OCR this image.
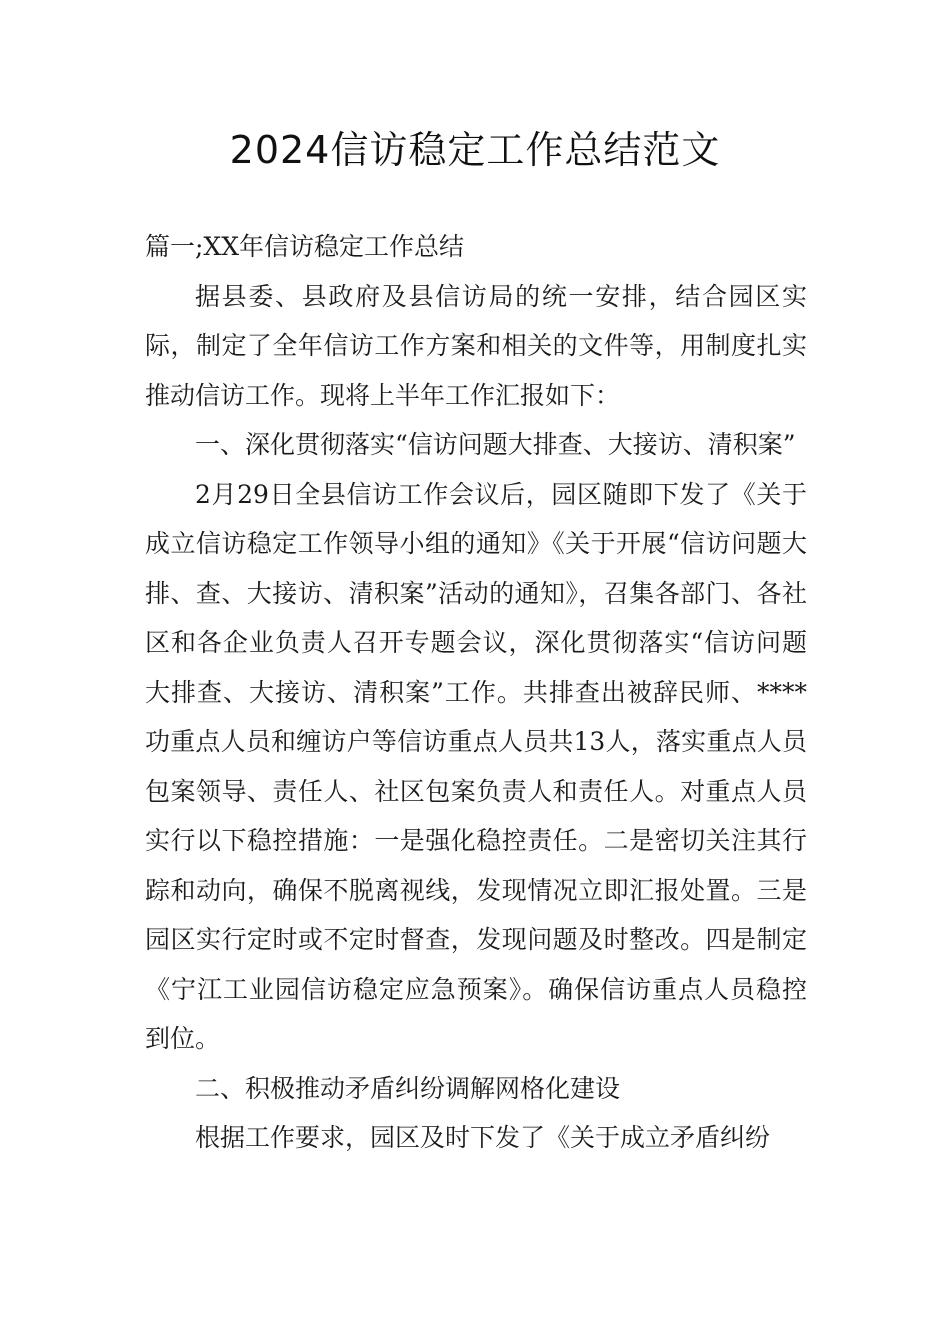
2024信访稳定工作总结范文

篇一;XX年信访稳定工作总结

据县委、县政府及县信访局的统一安排，结合园区实际，制定了全年信访工作方案和相关的文件等，用制度扎实推动信访工作。现将上半年工作汇报如下：

一、深化贯彻落实“信访问题大排查、大接访、清积案”

2月29日全县信访工作会议后，园区随即下发了《关于成立信访稳定工作领导小组的通知》《关于开展“信访问题大排、查、大接访、清积案”活动的通知》，召集各部门、各社区和各企业负责人召开专题会议，深化贯彻落实“信访问题大排查、大接访、清积案”工作。共排查出被辞民师、****功重点人员和缠访户等信访重点人员共13人，落实重点人员包案领导、责任人、社区包案负责人和责任人。对重点人员实行以下稳控措施：一是强化稳控责任。二是密切关注其行踪和动向，确保不脱离视线，发现情况立即汇报处置。三是园区实行定时或不定时督查，发现问题及时整改。四是制定《宁江工业园信访稳定应急预案》。确保信访重点人员稳控到位。

二、积极推动矛盾纠纷调解网格化建设

根据工作要求，园区及时下发了《关于成立矛盾纠纷
